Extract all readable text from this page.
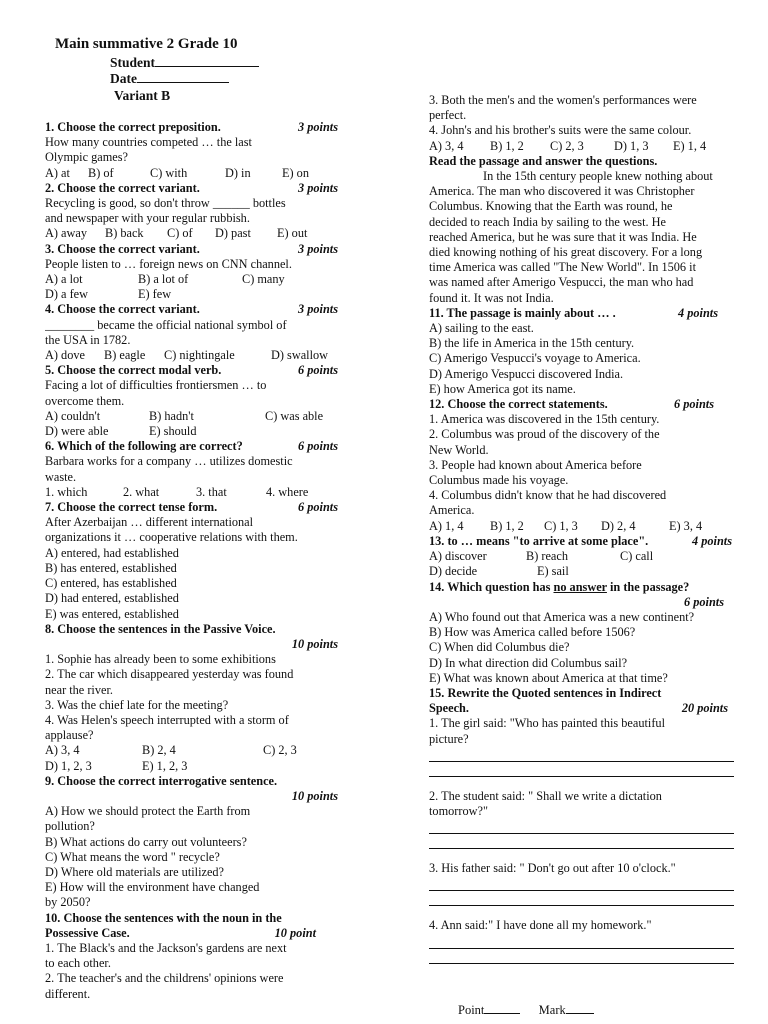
Main summative 2 Grade 10
Student
Date
Variant B
1. Choose the correct preposition.	3 points
How many countries competed … the last
Olympic games?
A) at	B) of	C) with	D) in	E) on
2. Choose the correct variant.	3 points
Recycling is good, so don't throw ______ bottles
and newspaper with your regular rubbish.
A) away	B) back	C) of	D) past	E) out
3. Choose the correct variant.	3 points
People listen to … foreign news on CNN channel.
A) a lot	B) a lot of	C) many
D) a few	E) few
4. Choose the correct variant.	3 points
________ became the official national symbol of
the USA in 1782.
A) dove	B) eagle	C) nightingale	D) swallow
5. Choose the correct modal verb.	6 points
Facing a lot of difficulties frontiersmen … to
overcome them.
A) couldn't	B) hadn't	C) was able
D) were able	E) should
6. Which of the following are correct?	6 points
Barbara works for a company … utilizes domestic
waste.
1. which	2. what	3. that	4. where
7. Choose the correct tense form.	6 points
After Azerbaijan … different international
organizations it … cooperative relations with them.
A) entered, had established
B) has entered, established
C) entered, has established
D) had entered, established
E) was entered, established
8. Choose the sentences in the Passive Voice.
10 points
1. Sophie has already been to some exhibitions
2. The car which disappeared yesterday was found
near the river.
3. Was the chief late for the meeting?
4. Was Helen's speech interrupted with a storm of
applause?
A) 3, 4	B) 2, 4	C) 2, 3
D) 1, 2, 3	E) 1, 2, 3
9. Choose the correct interrogative sentence.
10 points
A) How we should protect the Earth from
pollution?
B) What actions do carry out volunteers?
C) What means the word " recycle?
D) Where old materials are utilized?
E) How will the environment have changed
by 2050?
10. Choose the sentences with the noun in the
Possessive Case.	10 point
1. The Black's and the Jackson's gardens are next
to each other.
2. The teacher's and the childrens' opinions were
different.
3. Both the men's and the women's performances were
perfect.
4. John's and his brother's suits were the same colour.
A) 3, 4	B) 1, 2	C) 2, 3	D) 1, 3	E) 1, 4
Read the passage and answer the questions.
In the 15th century people knew nothing about
America. The man who discovered it was Christopher
Columbus. Knowing that the Earth was round, he
decided to reach India by sailing to the west. He
reached America, but he was sure that it was India. He
died knowing nothing of his great discovery. For a long
time America was called "The New World". In 1506 it
was named after Amerigo Vespucci, the man who had
found it. It was not India.
11. The passage is mainly about … .	4 points
A) sailing to the east.
B) the life in America in the 15th century.
C) Amerigo Vespucci's voyage to America.
D) Amerigo Vespucci discovered India.
E) how America got its name.
12. Choose the correct statements.	6 points
1. America was discovered in the 15th century.
2. Columbus was proud of the discovery of the
New World.
3. People had known about America before
Columbus made his voyage.
4. Columbus didn't know that he had discovered
America.
A) 1, 4	B) 1, 2	C) 1, 3	D) 2, 4	E) 3, 4
13. to … means "to arrive at some place".	4 points
A) discover	B) reach	C) call
D) decide	E) sail
14. Which question has no answer in the passage?
6 points
A) Who found out that America was a new continent?
B) How was America called before 1506?
C) When did Columbus die?
D) In what direction did Columbus sail?
E) What was known about America at that time?
15. Rewrite the Quoted sentences in Indirect
Speech.	20 points
1. The girl said: "Who has painted this beautiful
picture?
2. The student said: " Shall we write a dictation
tomorrow?"
3. His father said: " Don't go out after 10 o'clock."
4. Ann said:" I have done all my homework."
Point	Mark
